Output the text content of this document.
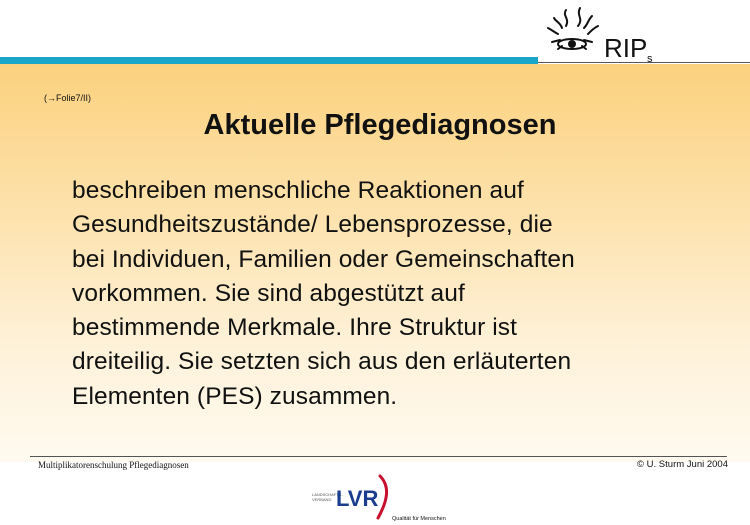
RIP s
(→Folie7/II)
Aktuelle Pflegediagnosen
beschreiben menschliche Reaktionen auf
Gesundheitszustände/ Lebensprozesse, die
bei Individuen, Familien oder Gemeinschaften
vorkommen. Sie sind abgestützt auf
bestimmende Merkmale. Ihre Struktur ist
dreiteilig. Sie setzten sich aus den erläuterten
Elementen (PES) zusammen.
Multiplikatorenschulung Pflegediagnosen	© U. Sturm Juni 2004
LANDSCHAFTS-
VERBAND LVR
Qualität für Menschen
